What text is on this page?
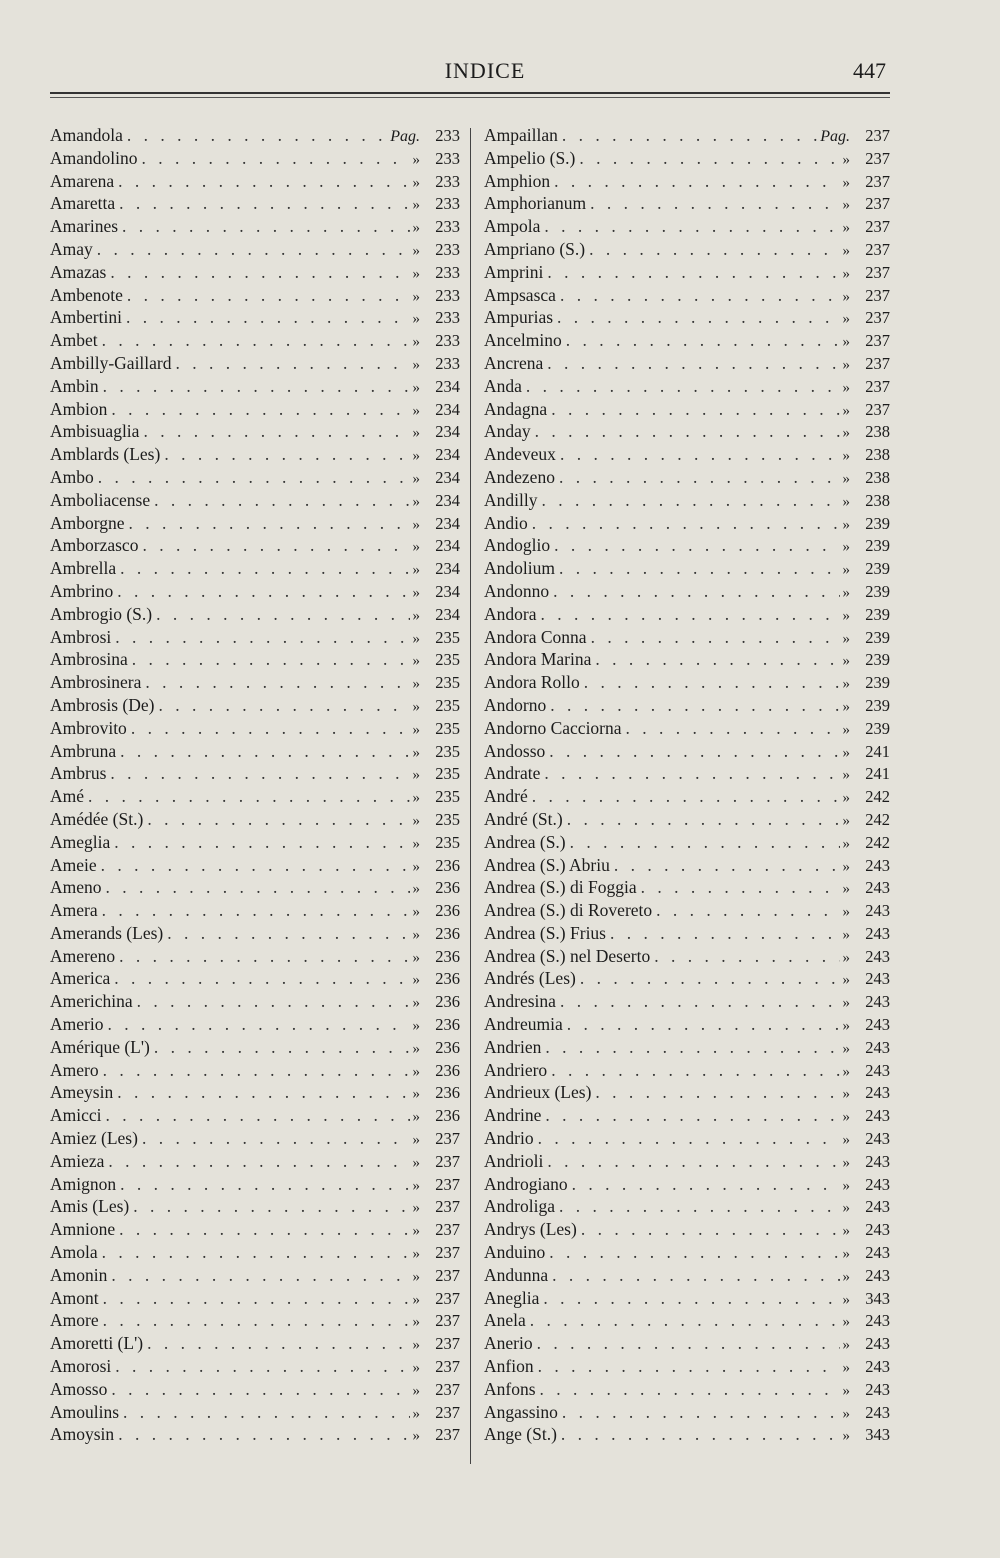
INDICE	447
Amandola . . .	Pag. 233
Amandolino . . .	» 233
Amarena . . .	» 233
Amaretta . . .	» 233
Amarines . . .	» 233
Amay . . .	» 233
Amazas . . .	» 233
Ambenote . . .	» 233
Ambertini . . .	» 233
Ambet . . .	» 233
Ambilly-Gaillard . . .	» 233
Ambin . . .	» 234
Ambion . . .	» 234
Ambisuaglia . . .	» 234
Amblards (Les) . . .	» 234
Ambo . . .	» 234
Amboliacense . . .	» 234
Amborgne . . .	» 234
Amborzasco . . .	» 234
Ambrella . . .	» 234
Ambrino . . .	» 234
Ambrogio (S.) . . .	» 234
Ambrosi . . .	» 235
Ambrosina . . .	» 235
Ambrosinera . . .	» 235
Ambrosis (De) . . .	» 235
Ambrovito . . .	» 235
Ambruna . . .	» 235
Ambrus . . .	» 235
Amé . . .	» 235
Amédée (St.) . . .	» 235
Ameglia . . .	» 235
Ameie . . .	» 236
Ameno . . .	» 236
Amera . . .	» 236
Amerands (Les) . . .	» 236
Amereno . . .	» 236
America . . .	» 236
Americhina . . .	» 236
Amerio . . .	» 236
Amérique (L') . . .	» 236
Amero . . .	» 236
Ameysin . . .	» 236
Amicci . . .	» 236
Amiez (Les) . . .	» 237
Amieza . . .	» 237
Amignon . . .	» 237
Amis (Les) . . .	» 237
Amnione . . .	» 237
Amola . . .	» 237
Amonin . . .	» 237
Amont . . .	» 237
Amore . . .	» 237
Amoretti (L') . . .	» 237
Amorosi . . .	» 237
Amosso . . .	» 237
Amoulins . . .	» 237
Amoysin . . .	» 237
Ampaillan . . .	Pag. 237
Ampelio (S.) . . .	» 237
Amphion . . .	» 237
Amphorianum . . .	» 237
Ampola . . .	» 237
Ampriano (S.) . . .	» 237
Amprini . . .	» 237
Ampsasca . . .	» 237
Ampurias . . .	» 237
Ancelmino . . .	» 237
Ancrena . . .	» 237
Anda . . .	» 237
Andagna . . .	» 237
Anday . . .	» 238
Andeveux . . .	» 238
Andezeno . . .	» 238
Andilly . . .	» 238
Andio . . .	» 239
Andoglio . . .	» 239
Andolium . . .	» 239
Andonno . . .	» 239
Andora . . .	» 239
Andora Conna . . .	» 239
Andora Marina . . .	» 239
Andora Rollo . . .	» 239
Andorno . . .	» 239
Andorno Cacciorna . . .	» 239
Andosso . . .	» 241
Andrate . . .	» 241
André . . .	» 242
André (St.) . . .	» 242
Andrea (S.) . . .	» 242
Andrea (S.) Abriu . . .	» 243
Andrea (S.) di Foggia . . .	» 243
Andrea (S.) di Rovereto . . .	» 243
Andrea (S.) Frius . . .	» 243
Andrea (S.) nel Deserto . . .	» 243
Andrés (Les) . . .	» 243
Andresina . . .	» 243
Andreumia . . .	» 243
Andrien . . .	» 243
Andriero . . .	» 243
Andrieux (Les) . . .	» 243
Andrine . . .	» 243
Andrio . . .	» 243
Andrioli . . .	» 243
Androgiano . . .	» 243
Androliga . . .	» 243
Andrys (Les) . . .	» 243
Anduino . . .	» 243
Andunna . . .	» 243
Aneglia . . .	» 343
Anela . . .	» 243
Anerio . . .	» 243
Anfion . . .	» 243
Anfons . . .	» 243
Angassino . . .	» 243
Ange (St.) . . .	» 343
